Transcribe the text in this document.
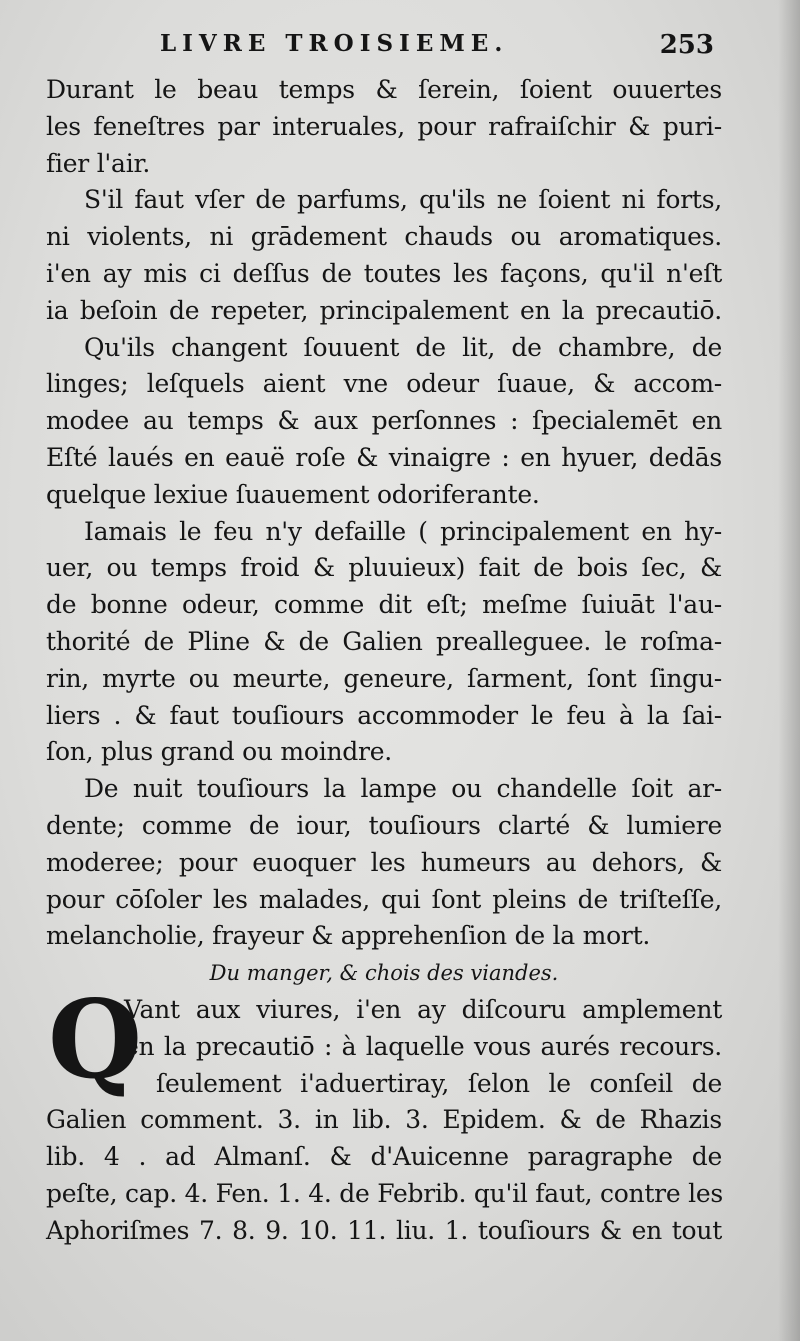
LIVRE TROISIEME.	253
Durant le beau temps & ſerein, ſoient ouuertes
les feneſtres par interuales, pour rafraiſchir & puri-
fier l'air.
S'il faut vſer de parfums, qu'ils ne ſoient ni forts,
ni violents, ni grādement chauds ou aromatiques.
i'en ay mis ci deſſus de toutes les façons, qu'il n'eſt
ia beſoin de repeter, principalement en la precautiō.
Qu'ils changent ſouuent de lit, de chambre, de
linges; leſquels aient vne odeur ſuaue, & accom-
modee au temps & aux perſonnes : ſpecialemēt en
Eſté laués en eauë roſe & vinaigre : en hyuer, dedās
quelque lexiue ſuauement odoriferante.
Iamais le feu n'y defaille ( principalement en hy-
uer, ou temps froid & pluuieux) fait de bois ſec, &
de bonne odeur, comme dit eſt; meſme ſuiuāt l'au-
thorité de Pline & de Galien prealleguee. le roſma-
rin, myrte ou meurte, geneure, ſarment, ſont ſingu-
liers . & faut touſiours accommoder le feu à la ſai-
ſon, plus grand ou moindre.
De nuit touſiours la lampe ou chandelle ſoit ar-
dente; comme de iour, touſiours clarté & lumiere
moderee; pour euoquer les humeurs au dehors, &
pour cōſoler les malades, qui ſont pleins de triſteſſe,
melancholie, frayeur & apprehenſion de la mort.
Du manger, & chois des viandes.
Q
Vant aux viures, i'en ay diſcouru amplement
en la precautiō : à laquelle vous aurés recours.
ſeulement i'aduertiray, ſelon le conſeil de
Galien comment. 3. in lib. 3. Epidem. & de Rhazis
lib. 4 . ad Almanſ. & d'Auicenne paragraphe de
peſte, cap. 4. Fen. 1. 4. de Febrib. qu'il faut, contre les
Aphoriſmes 7. 8. 9. 10. 11. liu. 1. touſiours & en tout
